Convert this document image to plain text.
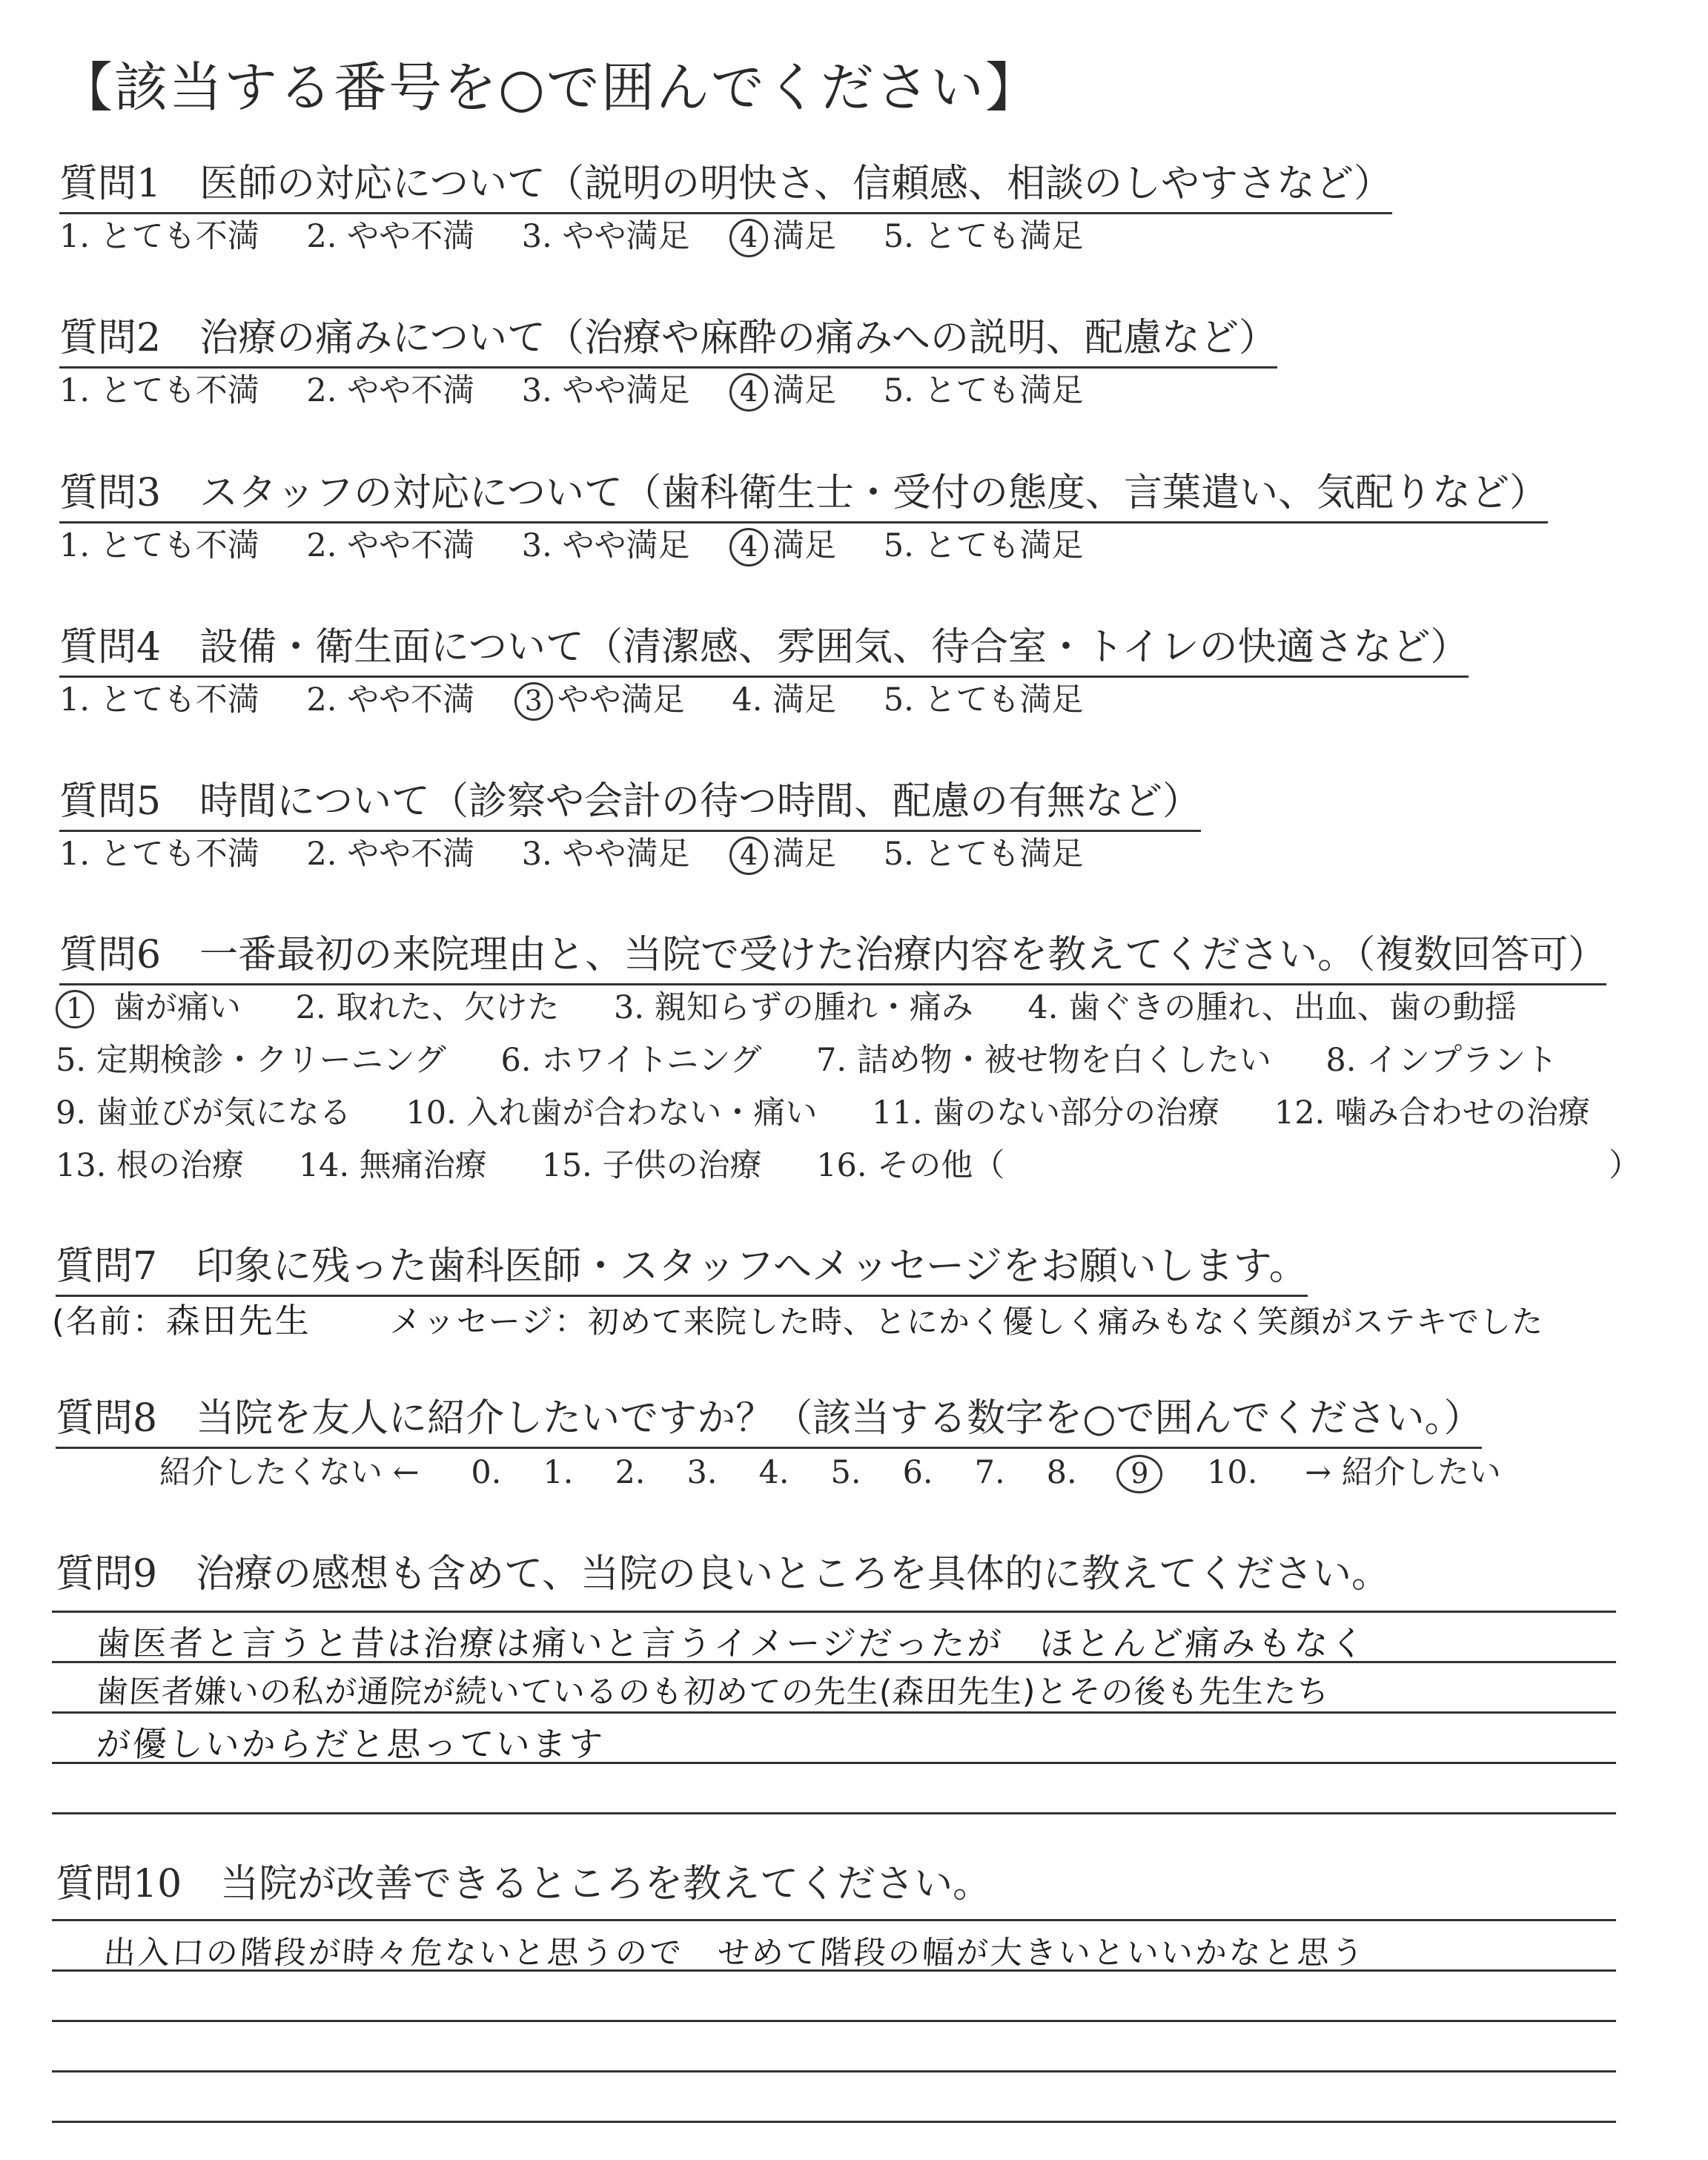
【該当する番号を○で囲んでください】
質問1　医師の対応について（説明の明快さ、信頼感、相談のしやすさなど）
1. とても不満 2. やや不満 3. やや満足 4 満足 5. とても満足
質問2　治療の痛みについて（治療や麻酔の痛みへの説明、配慮など）
1. とても不満 2. やや不満 3. やや満足 4 満足 5. とても満足
質問3　スタッフの対応について（歯科衛生士・受付の態度、言葉遣い、気配りなど）
1. とても不満 2. やや不満 3. やや満足 4 満足 5. とても満足
質問4　設備・衛生面について（清潔感、雰囲気、待合室・トイレの快適さなど）
1. とても不満 2. やや不満 3 やや満足 4. 満足 5. とても満足
質問5　時間について（診察や会計の待つ時間、配慮の有無など）
1. とても不満 2. やや不満 3. やや満足 4 満足 5. とても満足
質問6　一番最初の来院理由と、当院で受けた治療内容を教えてください。（複数回答可）
1 歯が痛い 2. 取れた、欠けた 3. 親知らずの腫れ・痛み 4. 歯ぐきの腫れ、出血、歯の動揺
5. 定期検診・クリーニング 6. ホワイトニング 7. 詰め物・被せ物を白くしたい 8. インプラント
9. 歯並びが気になる 10. 入れ歯が合わない・痛い 11. 歯のない部分の治療 12. 噛み合わせの治療
13. 根の治療 14. 無痛治療 15. 子供の治療 16. その他（	）
質問7　印象に残った歯科医師・スタッフへメッセージをお願いします。
(名前：森田先生 メッセージ：初めて来院した時、とにかく優しく痛みもなく笑顔がステキでした
質問8　当院を友人に紹介したいですか？（該当する数字を○で囲んでください。）
紹介したくない ← 0. 1. 2. 3. 4. 5. 6. 7. 8. 9 10. → 紹介したい
質問9　治療の感想も含めて、当院の良いところを具体的に教えてください。
歯医者と言うと昔は治療は痛いと言うイメージだったが　ほとんど痛みもなく
歯医者嫌いの私が通院が続いているのも初めての先生(森田先生)とその後も先生たち
が優しいからだと思っています
質問10　当院が改善できるところを教えてください。
出入口の階段が時々危ないと思うので　せめて階段の幅が大きいといいかなと思う
